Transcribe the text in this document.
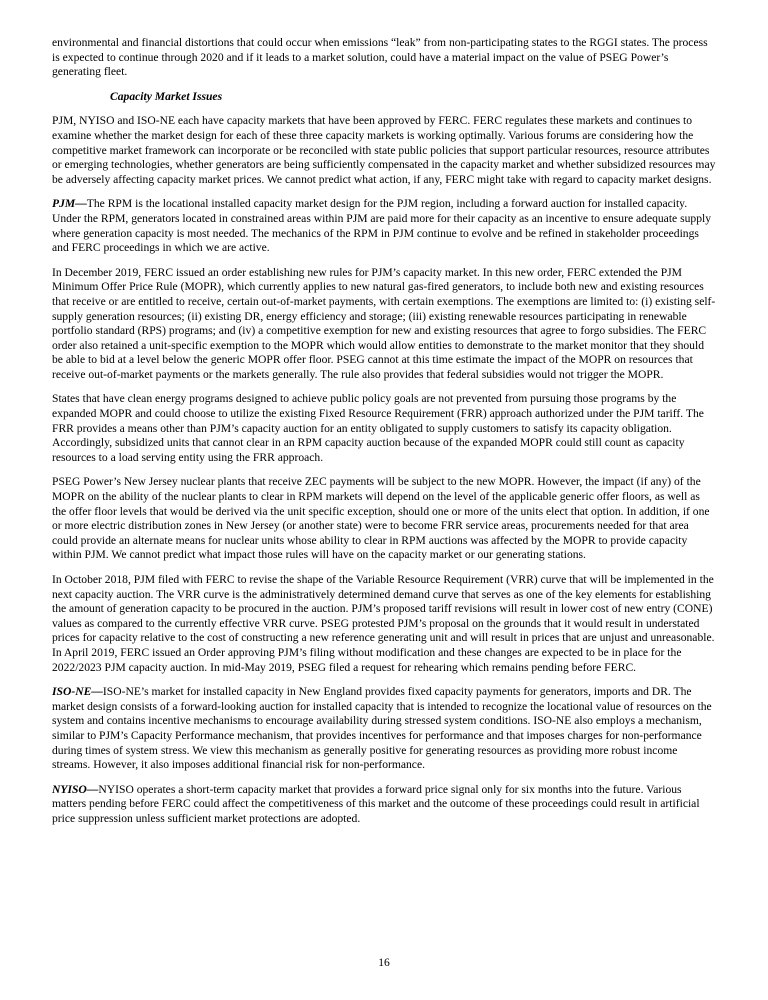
environmental and financial distortions that could occur when emissions “leak” from non-participating states to the RGGI states. The process is expected to continue through 2020 and if it leads to a market solution, could have a material impact on the value of PSEG Power’s generating fleet.

Capacity Market Issues

PJM, NYISO and ISO-NE each have capacity markets that have been approved by FERC. FERC regulates these markets and continues to examine whether the market design for each of these three capacity markets is working optimally. Various forums are considering how the competitive market framework can incorporate or be reconciled with state public policies that support particular resources, resource attributes or emerging technologies, whether generators are being sufficiently compensated in the capacity market and whether subsidized resources may be adversely affecting capacity market prices. We cannot predict what action, if any, FERC might take with regard to capacity market designs.

PJM—The RPM is the locational installed capacity market design for the PJM region, including a forward auction for installed capacity. Under the RPM, generators located in constrained areas within PJM are paid more for their capacity as an incentive to ensure adequate supply where generation capacity is most needed. The mechanics of the RPM in PJM continue to evolve and be refined in stakeholder proceedings and FERC proceedings in which we are active.

In December 2019, FERC issued an order establishing new rules for PJM’s capacity market. In this new order, FERC extended the PJM Minimum Offer Price Rule (MOPR), which currently applies to new natural gas-fired generators, to include both new and existing resources that receive or are entitled to receive, certain out-of-market payments, with certain exemptions. The exemptions are limited to: (i) existing self-supply generation resources; (ii) existing DR, energy efficiency and storage; (iii) existing renewable resources participating in renewable portfolio standard (RPS) programs; and (iv) a competitive exemption for new and existing resources that agree to forgo subsidies. The FERC order also retained a unit-specific exemption to the MOPR which would allow entities to demonstrate to the market monitor that they should be able to bid at a level below the generic MOPR offer floor. PSEG cannot at this time estimate the impact of the MOPR on resources that receive out-of-market payments or the markets generally. The rule also provides that federal subsidies would not trigger the MOPR.

States that have clean energy programs designed to achieve public policy goals are not prevented from pursuing those programs by the expanded MOPR and could choose to utilize the existing Fixed Resource Requirement (FRR) approach authorized under the PJM tariff. The FRR provides a means other than PJM’s capacity auction for an entity obligated to supply customers to satisfy its capacity obligation. Accordingly, subsidized units that cannot clear in an RPM capacity auction because of the expanded MOPR could still count as capacity resources to a load serving entity using the FRR approach.

PSEG Power’s New Jersey nuclear plants that receive ZEC payments will be subject to the new MOPR. However, the impact (if any) of the MOPR on the ability of the nuclear plants to clear in RPM markets will depend on the level of the applicable generic offer floors, as well as the offer floor levels that would be derived via the unit specific exception, should one or more of the units elect that option. In addition, if one or more electric distribution zones in New Jersey (or another state) were to become FRR service areas, procurements needed for that area could provide an alternate means for nuclear units whose ability to clear in RPM auctions was affected by the MOPR to provide capacity within PJM. We cannot predict what impact those rules will have on the capacity market or our generating stations.

In October 2018, PJM filed with FERC to revise the shape of the Variable Resource Requirement (VRR) curve that will be implemented in the next capacity auction. The VRR curve is the administratively determined demand curve that serves as one of the key elements for establishing the amount of generation capacity to be procured in the auction. PJM’s proposed tariff revisions will result in lower cost of new entry (CONE) values as compared to the currently effective VRR curve. PSEG protested PJM’s proposal on the grounds that it would result in understated prices for capacity relative to the cost of constructing a new reference generating unit and will result in prices that are unjust and unreasonable. In April 2019, FERC issued an Order approving PJM’s filing without modification and these changes are expected to be in place for the 2022/2023 PJM capacity auction. In mid-May 2019, PSEG filed a request for rehearing which remains pending before FERC.

ISO-NE—ISO-NE’s market for installed capacity in New England provides fixed capacity payments for generators, imports and DR. The market design consists of a forward-looking auction for installed capacity that is intended to recognize the locational value of resources on the system and contains incentive mechanisms to encourage availability during stressed system conditions. ISO-NE also employs a mechanism, similar to PJM’s Capacity Performance mechanism, that provides incentives for performance and that imposes charges for non-performance during times of system stress. We view this mechanism as generally positive for generating resources as providing more robust income streams. However, it also imposes additional financial risk for non-performance.

NYISO—NYISO operates a short-term capacity market that provides a forward price signal only for six months into the future. Various matters pending before FERC could affect the competitiveness of this market and the outcome of these proceedings could result in artificial price suppression unless sufficient market protections are adopted.

16
